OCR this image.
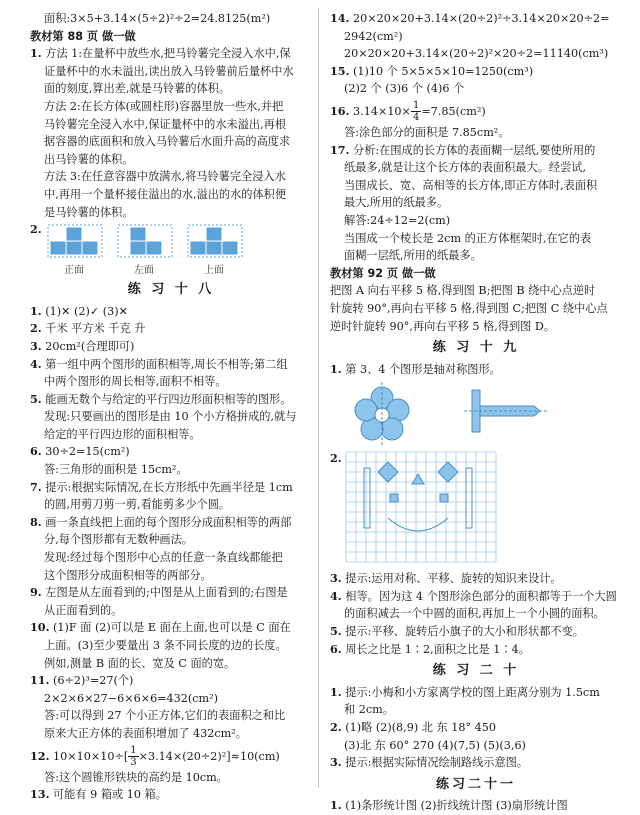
面积:3×5+3.14×(5÷2)²÷2=24.8125(m²)
教材第 88 页 做一做
1. 方法 1:在量杯中放些水,把马铃薯完全浸入水中,保
证量杯中的水未溢出,读出放入马铃薯前后量杯中水
面的刻度,算出差,就是马铃薯的体积。
方法 2:在长方体(或圆柱形)容器里放一些水,并把
马铃薯完全浸入水中,保证量杯中的水未溢出,再根
据容器的底面积和放入马铃薯后水面升高的高度求
出马铃薯的体积。
方法 3:在任意容器中放满水,将马铃薯完全浸入水
中,再用一个量杯接住溢出的水,溢出的水的体积便
是马铃薯的体积。
2.
正面	左面	上面
练 习 十 八
1. (1)✕ (2)✓ (3)✕
2. 千米 平方米 千克 升
3. 20cm²(合理即可)
4. 第一组中两个图形的面积相等,周长不相等;第二组
中两个图形的周长相等,面积不相等。
5. 能画无数个与给定的平行四边形面积相等的图形。
发现:只要画出的图形是由 10 个小方格拼成的,就与
给定的平行四边形的面积相等。
6. 30÷2=15(cm²)
答:三角形的面积是 15cm²。
7. 提示:根据实际情况,在长方形纸中先画半径是 1cm
的圆,用剪刀剪一剪,看能剪多少个圆。
8. 画一条直线把上面的每个图形分成面积相等的两部
分,每个图形都有无数种画法。
发现:经过每个图形中心点的任意一条直线都能把
这个图形分成面积相等的两部分。
9. 左图是从左面看到的;中图是从上面看到的;右图是
从正面看到的。
10. (1)F 面 (2)可以是 E 面在上面,也可以是 C 面在
上面。(3)至少要量出 3 条不同长度的边的长度。
例如,测量 B 面的长、宽及 C 面的宽。
11. (6÷2)³=27(个)
2×2×6×27−6×6×6=432(cm²)
答:可以得到 27 个小正方体,它们的表面积之和比
原来大正方体的表面积增加了 432cm²。
12. $10\times 10\times 10\div[ \frac{1}{3} \times 3.14\times(20\div 2)^2]\approx 10(cm)$
答:这个圆锥形铁块的高约是 10cm。
13. 可能有 9 箱或 10 箱。
14. 20×20×20+3.14×(20÷2)²÷3.14×20×20÷2=
2942(cm²)
20×20×20+3.14×(20÷2)²×20÷2=11140(cm³)
15. (1)10 个 5×5×5×10=1250(cm³)
(2)2 个 (3)6 个 (4)6 个
16. $3.14\times 10\times \frac{1}{4} =7.85(cm^2)$
答:涂色部分的面积是 7.85cm²。
17. 分析:在围成的长方体的表面糊一层纸,要使所用的
纸最多,就是让这个长方体的表面积最大。经尝试,
当围成长、宽、高相等的长方体,即正方体时,表面积
最大,所用的纸最多。
解答:24÷12=2(cm)
当围成一个棱长是 2cm 的正方体框架时,在它的表
面糊一层纸,所用的纸最多。
教材第 92 页 做一做
把图 A 向右平移 5 格,得到图 B;把图 B 绕中心点逆时
针旋转 90°,再向右平移 5 格,得到图 C;把图 C 绕中心点
逆时针旋转 90°,再向右平移 5 格,得到图 D。
练 习 十 九
1. 第 3、4 个图形是轴对称图形。
2.
3. 提示:运用对称、平移、旋转的知识来设计。
4. 相等。因为这 4 个图形涂色部分的面积都等于一个大圆
的面积减去一个中圆的面积,再加上一个小圆的面积。
5. 提示:平移、旋转后小旗子的大小和形状都不变。
6. 周长之比是 1∶2,面积之比是 1∶4。
练 习 二 十
1. 提示:小梅和小方家离学校的图上距离分别为 1.5cm
和 2cm。
2. (1)略 (2)(8,9) 北 东 18° 450
(3)北 东 60° 270 (4)(7,5) (5)(3,6)
3. 提示:根据实际情况绘制路线示意图。
练习二十一
1. (1)条形统计图 (2)折线统计图 (3)扇形统计图
